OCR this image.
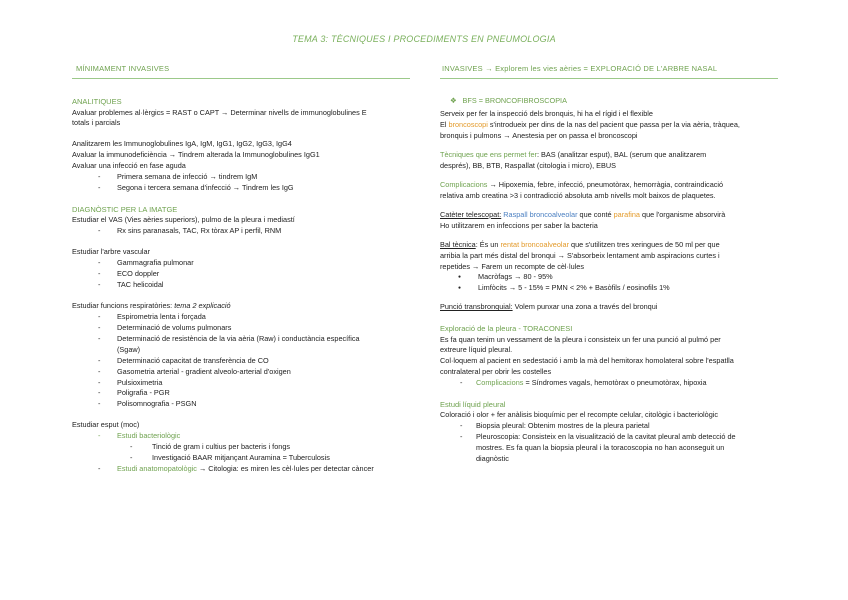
TEMA 3: TÈCNIQUES I PROCEDIMENTS EN PNEUMOLOGIA
MÍNIMAMENT INVASIVES
ANALITIQUES
Avaluar problemes al·lèrgics = RAST o CAPT → Determinar nivells de immunoglobulines E
totals i parcials
Analitzarem les Immunoglobulines IgA, IgM, IgG1, IgG2, IgG3, IgG4
Avaluar la immunodeficiència → Tindrem alterada la Immunoglobulines IgG1
Avaluar una infecció en fase aguda
- Primera semana de infecció → tindrem IgM
- Segona i tercera semana d'infecció → Tindrem les IgG
DIAGNÒSTIC PER LA IMATGE
Estudiar el VAS (Vies aèries superiors), pulmo de la pleura i mediastí
- Rx sins paranasals, TAC, Rx tòrax AP i perfil, RNM
Estudiar l'arbre vascular
- Gammagrafia pulmonar
- ECO doppler
- TAC helicoidal
Estudiar funcions respiratòries: tema 2 explicació
- Espirometria lenta i forçada
- Determinació de volums pulmonars
- Determinació de resistència de la via aèria (Raw) i conductància específica
(Sgaw)
- Determinació capacitat de transferència de CO
- Gasometria arterial - gradient alveolo-arterial d'oxigen
- Pulsioximetria
- Poligrafia - PGR
- Polisomnografia - PSGN
Estudiar esput (moc)
- Estudi bacteriològic
- Tinció de gram i cultius per bacteris i fongs
- Investigació BAAR mitjançant Auramina = Tuberculosis
- Estudi anatomopatològic → Citologia: es miren les cèl·lules per detectar càncer
INVASIVES → Explorem les vies aèries = EXPLORACIÓ DE L'ARBRE NASAL
❖ BFS = BRONCOFIBROSCOPIA
Serveix per fer la inspecció dels bronquis, hi ha el rígid i el flexible
El broncoscopi s'introdueix per dins de la nas del pacient que passa per la via aèria, tràquea,
bronquis i pulmons → Anestesia per on passa el broncoscopi
Tècniques que ens permet fer: BAS (analitzar esput), BAL (serum que analitzarem
després), BB, BTB, Raspallat (citologia i micro), EBUS
Complicacions → Hipoxemia, febre, infecció, pneumotòrax, hemorràgia, contraindicació
relativa amb creatina >3 i contradicció absoluta amb nivells molt baixos de plaquetes.
Catèter telescopat: Raspall broncoalveolar que conté parafina que l'organisme absorvirà
Ho utilitzarem en infeccions per saber la bacteria
Bal tècnica: És un rentat broncoalveolar que s'utilitzen tres xeringues de 50 ml per que
arribia la part més distal del bronqui → S'absorbeix lentament amb aspiracions curtes i
repetides → Farem un recompte de cèl·lules
● Macròfags → 80 - 95%
● Limfòcits → 5 - 15% = PMN < 2% + Basòfils / eosinofils 1%
Punció transbronquial: Volem punxar una zona a través del bronqui
Exploració de la pleura - TORACONESI
Es fa quan tenim un vessament de la pleura i consisteix un fer una punció al pulmó per
extreure líquid pleural.
Col·loquem al pacient en sedestació i amb la mà del hemitorax homolateral sobre l'espatlla
contralateral per obrir les costelles
- Complicacions = Síndromes vagals, hemotòrax o pneumotòrax, hipoxia
Estudi líquid pleural
Coloració i olor + fer anàlisis bioquímic per el recompte celular, citològic i bacteriològic
- Biopsia pleural: Obtenim mostres de la pleura parietal
- Pleuroscopia: Consisteix en la visualització de la cavitat pleural amb detecció de
mostres. Es fa quan la biopsia pleural i la toracoscopia no han aconseguit un
diagnòstic
